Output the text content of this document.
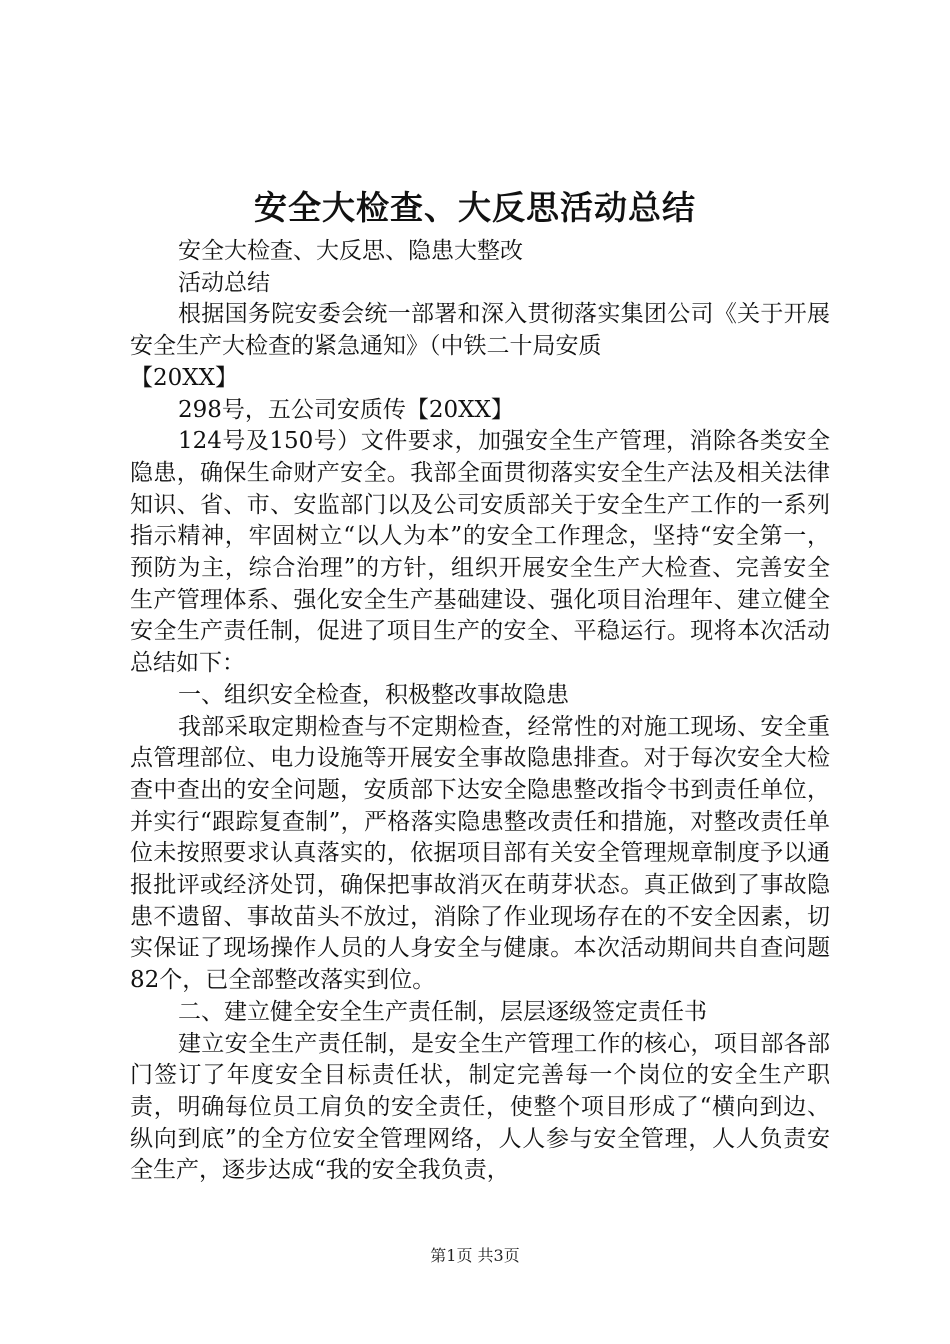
安全大检查、大反思活动总结

安全大检查、大反思、隐患大整改

活动总结

根据国务院安委会统一部署和深入贯彻落实集团公司《关于开展安全生产大检查的紧急通知》（中铁二十局安质

【20XX】

298号，五公司安质传【20XX】

124号及150号）文件要求，加强安全生产管理，消除各类安全隐患，确保生命财产安全。我部全面贯彻落实安全生产法及相关法律知识、省、市、安监部门以及公司安质部关于安全生产工作的一系列指示精神，牢固树立“以人为本”的安全工作理念，坚持“安全第一，预防为主，综合治理”的方针，组织开展安全生产大检查、完善安全生产管理体系、强化安全生产基础建设、强化项目治理年、建立健全安全生产责任制，促进了项目生产的安全、平稳运行。现将本次活动总结如下：

一、组织安全检查，积极整改事故隐患

我部采取定期检查与不定期检查，经常性的对施工现场、安全重点管理部位、电力设施等开展安全事故隐患排查。对于每次安全大检查中查出的安全问题，安质部下达安全隐患整改指令书到责任单位，并实行“跟踪复查制”，严格落实隐患整改责任和措施，对整改责任单位未按照要求认真落实的，依据项目部有关安全管理规章制度予以通报批评或经济处罚，确保把事故消灭在萌芽状态。真正做到了事故隐患不遗留、事故苗头不放过，消除了作业现场存在的不安全因素，切实保证了现场操作人员的人身安全与健康。本次活动期间共自查问题82个，已全部整改落实到位。

二、建立健全安全生产责任制，层层逐级签定责任书

建立安全生产责任制，是安全生产管理工作的核心，项目部各部门签订了年度安全目标责任状，制定完善每一个岗位的安全生产职责，明确每位员工肩负的安全责任，使整个项目形成了“横向到边、纵向到底”的全方位安全管理网络，人人参与安全管理，人人负责安全生产，逐步达成“我的安全我负责，

第1页 共3页
